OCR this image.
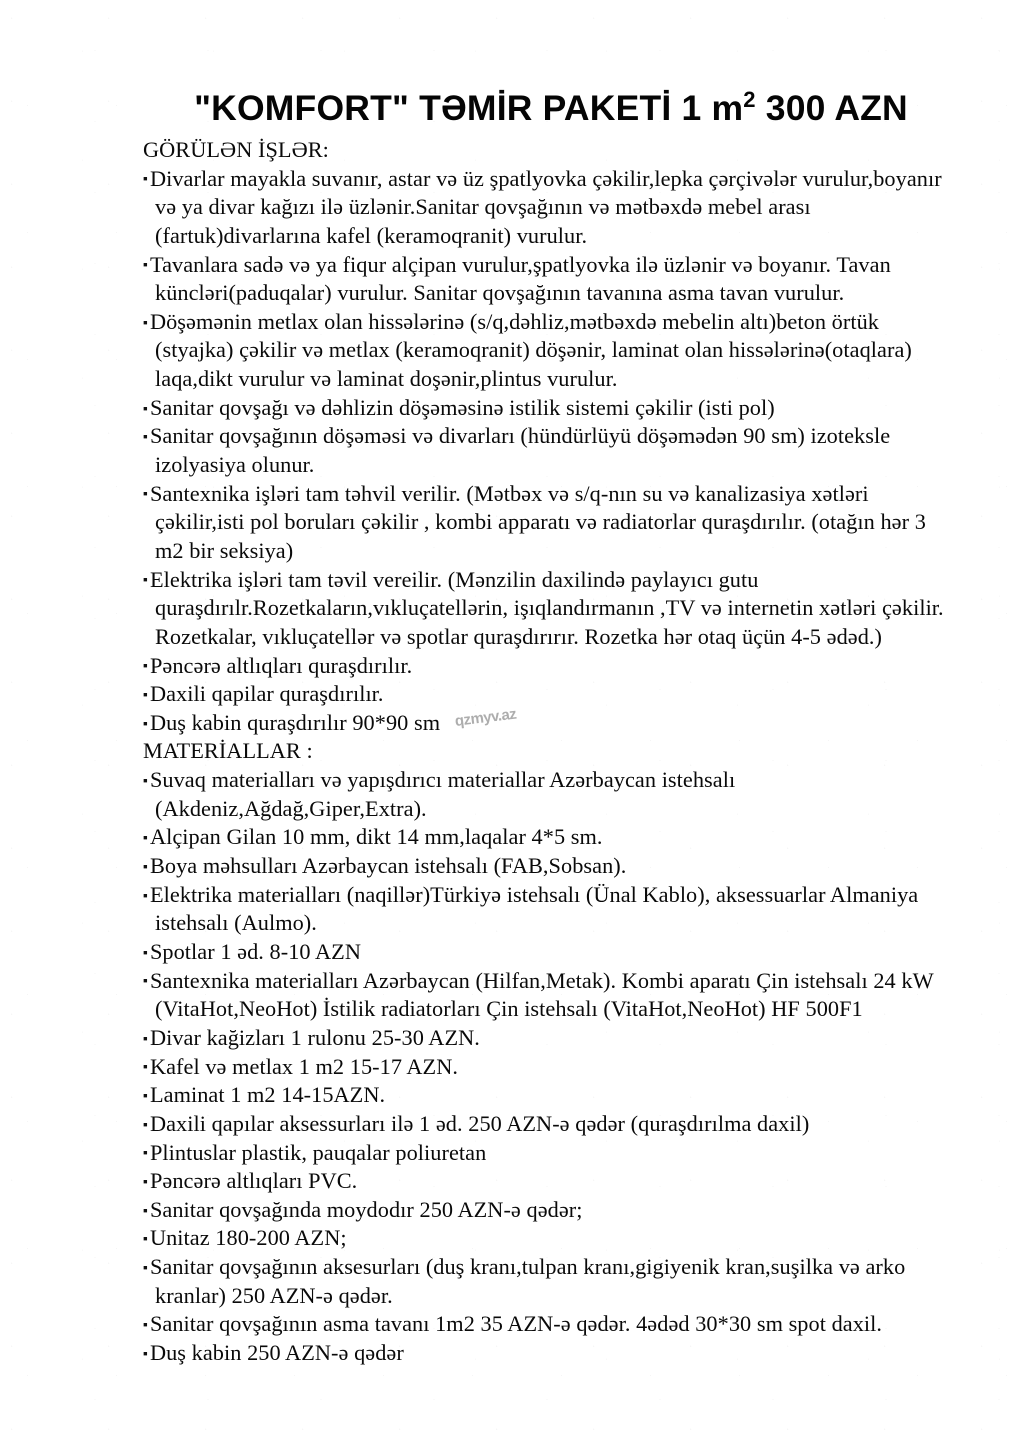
"KOMFORT" TƏMİR PAKETİ 1 $m^2$ 300 AZN
GÖRÜLƏN İŞLƏR:
▪Divarlar mayakla suvanır, astar və üz şpatlyovka çəkilir,lepka çərçivələr vurulur,boyanır və ya divar kağızı ilə üzlənir.Sanitar qovşağının və mətbəxdə mebel arası (fartuk)divarlarına kafel (keramoqranit) vurulur.
▪Tavanlara sadə və ya fiqur alçipan vurulur,şpatlyovka ilə üzlənir və boyanır. Tavan küncləri(paduqalar) vurulur. Sanitar qovşağının tavanına asma tavan vurulur.
▪Döşəmənin metlax olan hissələrinə (s/q,dəhliz,mətbəxdə mebelin altı)beton örtük (styajka) çəkilir və metlax (keramoqranit) döşənir, laminat olan hissələrinə(otaqlara) laqa,dikt vurulur və laminat doşənir,plintus vurulur.
▪Sanitar qovşağı və dəhlizin döşəməsinə istilik sistemi çəkilir (isti pol)
▪Sanitar qovşağının döşəməsi və divarları (hündürlüyü döşəmədən 90 sm) izoteksle izolyasiya olunur.
▪Santexnika işləri tam təhvil verilir. (Mətbəx və s/q-nın su və kanalizasiya xətləri çəkilir,isti pol boruları çəkilir , kombi apparatı və radiatorlar quraşdırılır. (otağın hər 3 m2 bir seksiya)
▪Elektrika işləri tam təvil vereilir. (Mənzilin daxilində paylayıcı gutu quraşdırılr.Rozetkaların,vıkluçatellərin, işıqlandırmanın ,TV və internetin xətləri çəkilir. Rozetkalar, vıkluçatellər və spotlar quraşdırırır. Rozetka hər otaq üçün 4-5 ədəd.)
▪Pəncərə altlıqları quraşdırılır.
▪Daxili qapilar quraşdırılır.
▪Duş kabin quraşdırılır 90*90 sm
MATERİALLAR :
▪Suvaq materialları və yapışdırıcı materiallar Azərbaycan istehsalı (Akdeniz,Ağdağ,Giper,Extra).
▪Alçipan Gilan 10 mm, dikt 14 mm,laqalar 4*5 sm.
▪Boya məhsulları Azərbaycan istehsalı (FAB,Sobsan).
▪Elektrika materialları (naqillər)Türkiyə istehsalı (Ünal Kablo), aksessuarlar Almaniya istehsalı (Aulmo).
▪Spotlar 1 əd. 8-10 AZN
▪Santexnika materialları Azərbaycan (Hilfan,Metak). Kombi aparatı Çin istehsalı 24 kW (VitaHot,NeoHot) İstilik radiatorları Çin istehsalı (VitaHot,NeoHot) HF 500F1
▪Divar kağizları 1 rulonu 25-30 AZN.
▪Kafel və metlax 1 m2 15-17 AZN.
▪Laminat 1 m2 14-15AZN.
▪Daxili qapılar aksessurları ilə 1 əd. 250 AZN-ə qədər (quraşdırılma daxil)
▪Plintuslar plastik, pauqalar poliuretan
▪Pəncərə altlıqları PVC.
▪Sanitar qovşağında moydodır 250 AZN-ə qədər;
▪Unitaz 180-200 AZN;
▪Sanitar qovşağının aksesurları (duş kranı,tulpan kranı,gigiyenik kran,suşilka və arko kranlar) 250 AZN-ə qədər.
▪Sanitar qovşağının asma tavanı 1m2 35 AZN-ə qədər. 4ədəd 30*30 sm spot daxil.
▪Duş kabin 250 AZN-ə qədər
qzmyv.az
